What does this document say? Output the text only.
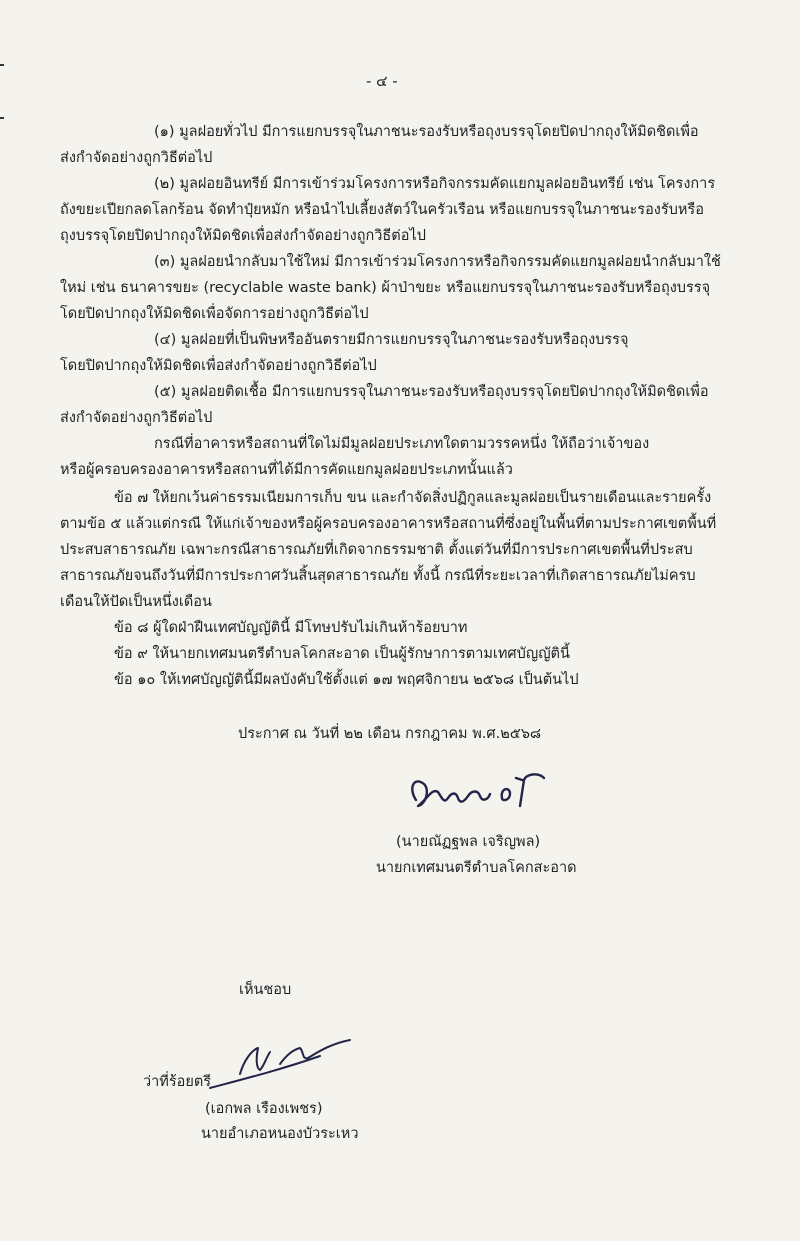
- ๔ -
(๑) มูลฝอยทั่วไป มีการแยกบรรจุในภาชนะรองรับหรือถุงบรรจุโดยปิดปากถุงให้มิดชิดเพื่อ
ส่งกำจัดอย่างถูกวิธีต่อไป
(๒) มูลฝอยอินทรีย์ มีการเข้าร่วมโครงการหรือกิจกรรมคัดแยกมูลฝอยอินทรีย์ เช่น โครงการ
ถังขยะเปียกลดโลกร้อน จัดทำปุ๋ยหมัก หรือนำไปเลี้ยงสัตว์ในครัวเรือน หรือแยกบรรจุในภาชนะรองรับหรือ
ถุงบรรจุโดยปิดปากถุงให้มิดชิดเพื่อส่งกำจัดอย่างถูกวิธีต่อไป
(๓) มูลฝอยนำกลับมาใช้ใหม่ มีการเข้าร่วมโครงการหรือกิจกรรมคัดแยกมูลฝอยนำกลับมาใช้
ใหม่ เช่น ธนาคารขยะ (recyclable waste bank) ผ้าป่าขยะ หรือแยกบรรจุในภาชนะรองรับหรือถุงบรรจุ
โดยปิดปากถุงให้มิดชิดเพื่อจัดการอย่างถูกวิธีต่อไป
(๔) มูลฝอยที่เป็นพิษหรืออันตรายมีการแยกบรรจุในภาชนะรองรับหรือถุงบรรจุ
โดยปิดปากถุงให้มิดชิดเพื่อส่งกำจัดอย่างถูกวิธีต่อไป
(๕) มูลฝอยติดเชื้อ มีการแยกบรรจุในภาชนะรองรับหรือถุงบรรจุโดยปิดปากถุงให้มิดชิดเพื่อ
ส่งกำจัดอย่างถูกวิธีต่อไป
กรณีที่อาคารหรือสถานที่ใดไม่มีมูลฝอยประเภทใดตามวรรคหนึ่ง ให้ถือว่าเจ้าของ
หรือผู้ครอบครองอาคารหรือสถานที่ได้มีการคัดแยกมูลฝอยประเภทนั้นแล้ว
ข้อ ๗ ให้ยกเว้นค่าธรรมเนียมการเก็บ ขน และกำจัดสิ่งปฏิกูลและมูลฝอยเป็นรายเดือนและรายครั้ง
ตามข้อ ๕ แล้วแต่กรณี ให้แก่เจ้าของหรือผู้ครอบครองอาคารหรือสถานที่ซึ่งอยู่ในพื้นที่ตามประกาศเขตพื้นที่
ประสบสาธารณภัย เฉพาะกรณีสาธารณภัยที่เกิดจากธรรมชาติ ตั้งแต่วันที่มีการประกาศเขตพื้นที่ประสบ
สาธารณภัยจนถึงวันที่มีการประกาศวันสิ้นสุดสาธารณภัย ทั้งนี้ กรณีที่ระยะเวลาที่เกิดสาธารณภัยไม่ครบ
เดือนให้ปัดเป็นหนึ่งเดือน
ข้อ ๘ ผู้ใดฝ่าฝืนเทศบัญญัตินี้ มีโทษปรับไม่เกินห้าร้อยบาท
ข้อ ๙ ให้นายกเทศมนตรีตำบลโคกสะอาด เป็นผู้รักษาการตามเทศบัญญัตินี้
ข้อ ๑๐ ให้เทศบัญญัตินี้มีผลบังคับใช้ตั้งแต่ ๑๗ พฤศจิกายน ๒๕๖๘ เป็นต้นไป
ประกาศ ณ วันที่ ๒๒ เดือน กรกฎาคม พ.ศ.๒๕๖๘
(นายณัฏฐพล เจริญพล)
นายกเทศมนตรีตำบลโคกสะอาด
เห็นชอบ
ว่าที่ร้อยตรี
(เอกพล เรืองเพชร)
นายอำเภอหนองบัวระเหว
